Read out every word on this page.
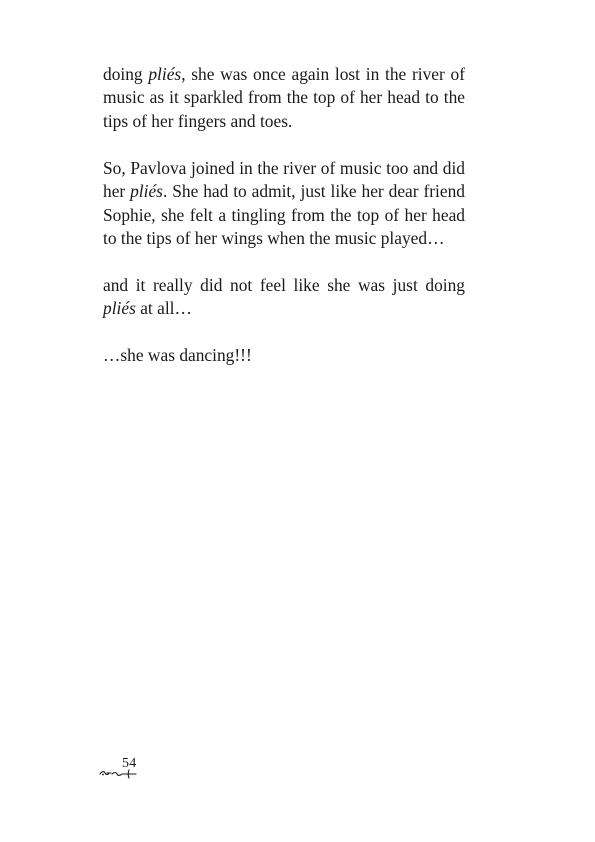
doing pliés, she was once again lost in the river of music as it sparkled from the top of her head to the tips of her fingers and toes.

So, Pavlova joined in the river of music too and did her pliés. She had to admit, just like her dear friend Sophie, she felt a tingling from the top of her head to the tips of her wings when the music played…

and it really did not feel like she was just doing pliés at all…

…she was dancing!!!

54
